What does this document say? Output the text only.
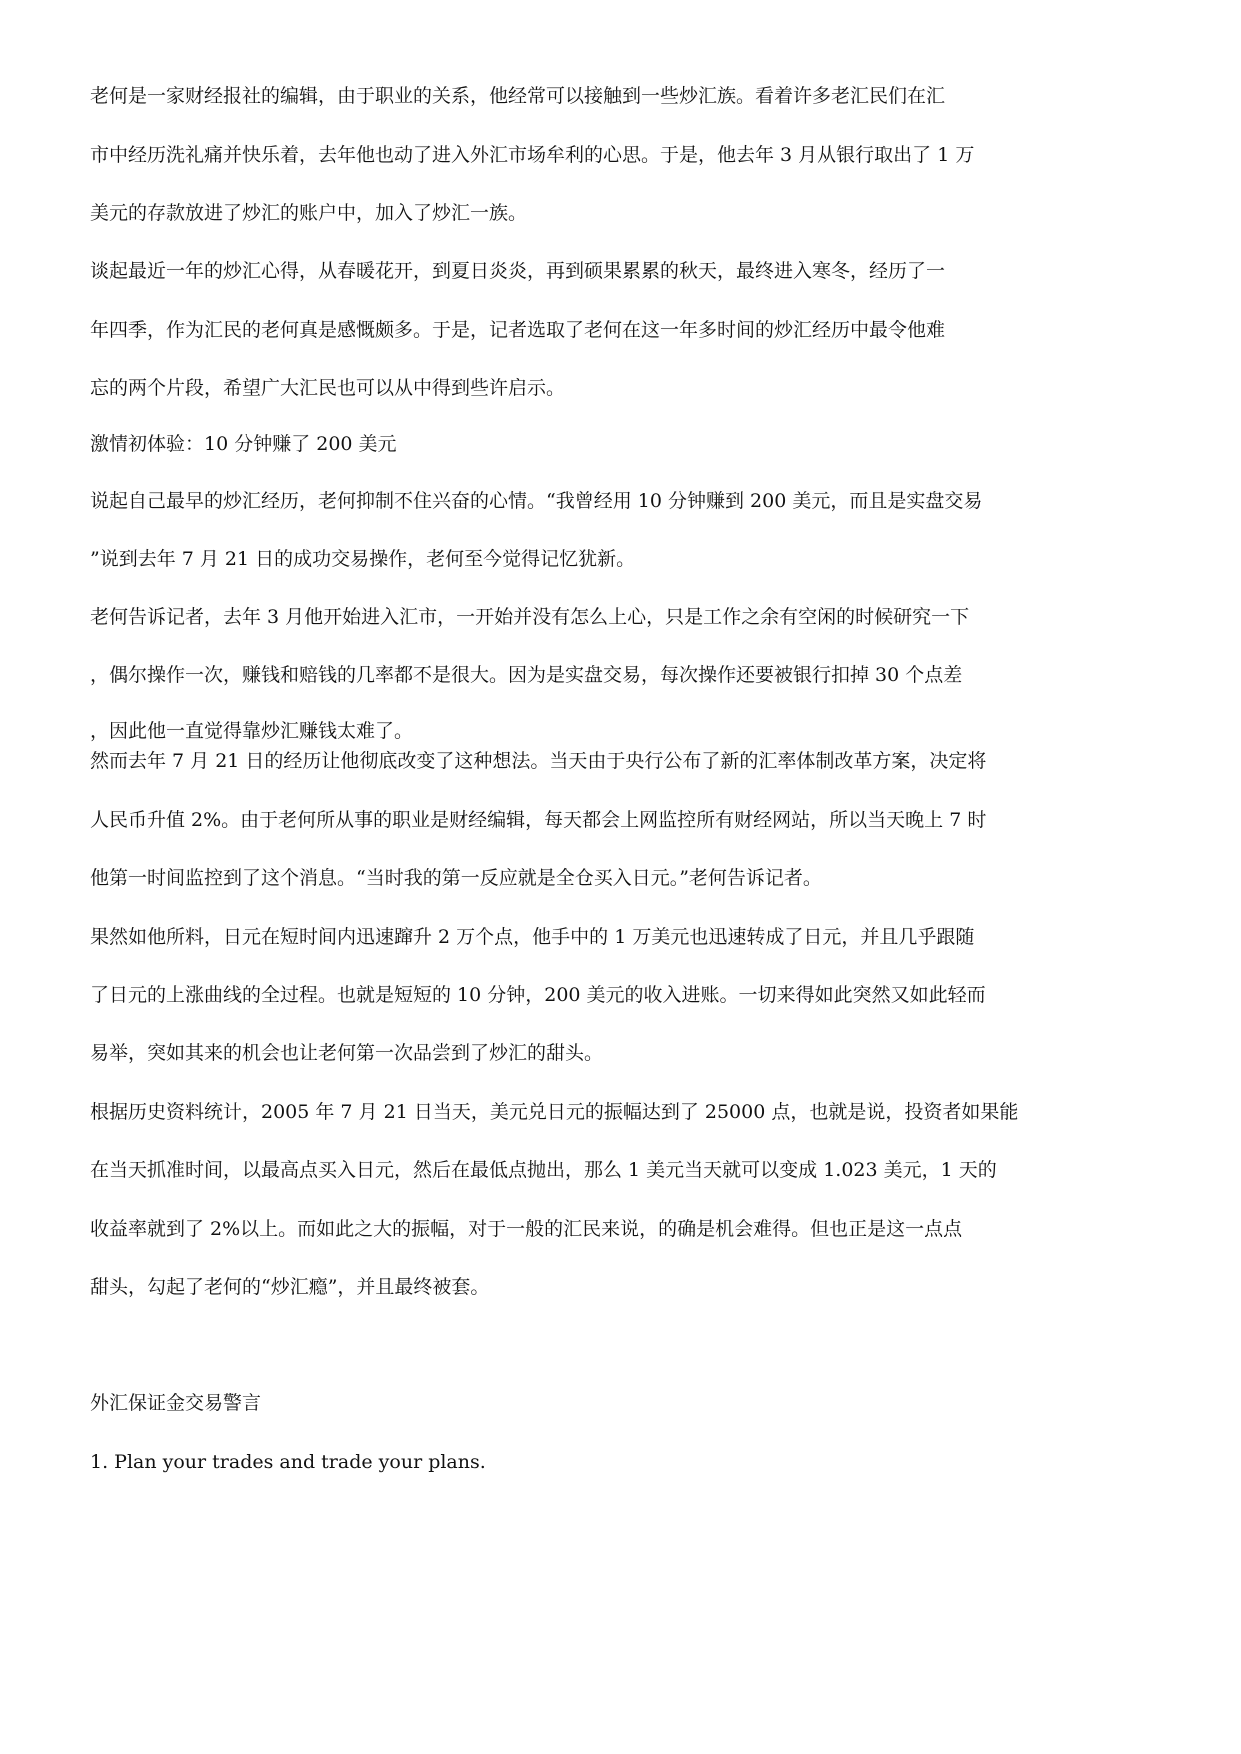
老何是一家财经报社的编辑，由于职业的关系，他经常可以接触到一些炒汇族。看着许多老汇民们在汇
市中经历洗礼痛并快乐着，去年他也动了进入外汇市场牟利的心思。于是，他去年 3 月从银行取出了 1 万
美元的存款放进了炒汇的账户中，加入了炒汇一族。
谈起最近一年的炒汇心得，从春暖花开，到夏日炎炎，再到硕果累累的秋天，最终进入寒冬，经历了一
年四季，作为汇民的老何真是感慨颇多。于是，记者选取了老何在这一年多时间的炒汇经历中最令他难
忘的两个片段，希望广大汇民也可以从中得到些许启示。
激情初体验：10 分钟赚了 200 美元
说起自己最早的炒汇经历，老何抑制不住兴奋的心情。“我曾经用 10 分钟赚到 200 美元，而且是实盘交易
”说到去年 7 月 21 日的成功交易操作，老何至今觉得记忆犹新。
老何告诉记者，去年 3 月他开始进入汇市，一开始并没有怎么上心，只是工作之余有空闲的时候研究一下
，偶尔操作一次，赚钱和赔钱的几率都不是很大。因为是实盘交易，每次操作还要被银行扣掉 30 个点差
，因此他一直觉得靠炒汇赚钱太难了。
然而去年 7 月 21 日的经历让他彻底改变了这种想法。当天由于央行公布了新的汇率体制改革方案，决定将
人民币升值 2%。由于老何所从事的职业是财经编辑，每天都会上网监控所有财经网站，所以当天晚上 7 时
他第一时间监控到了这个消息。“当时我的第一反应就是全仓买入日元。”老何告诉记者。
果然如他所料，日元在短时间内迅速蹿升 2 万个点，他手中的 1 万美元也迅速转成了日元，并且几乎跟随
了日元的上涨曲线的全过程。也就是短短的 10 分钟，200 美元的收入进账。一切来得如此突然又如此轻而
易举，突如其来的机会也让老何第一次品尝到了炒汇的甜头。
根据历史资料统计，2005 年 7 月 21 日当天，美元兑日元的振幅达到了 25000 点，也就是说，投资者如果能
在当天抓准时间，以最高点买入日元，然后在最低点抛出，那么 1 美元当天就可以变成 1.023 美元，1 天的
收益率就到了 2%以上。而如此之大的振幅，对于一般的汇民来说，的确是机会难得。但也正是这一点点
甜头，勾起了老何的“炒汇瘾”，并且最终被套。
外汇保证金交易警言
1. Plan your trades and trade your plans.
